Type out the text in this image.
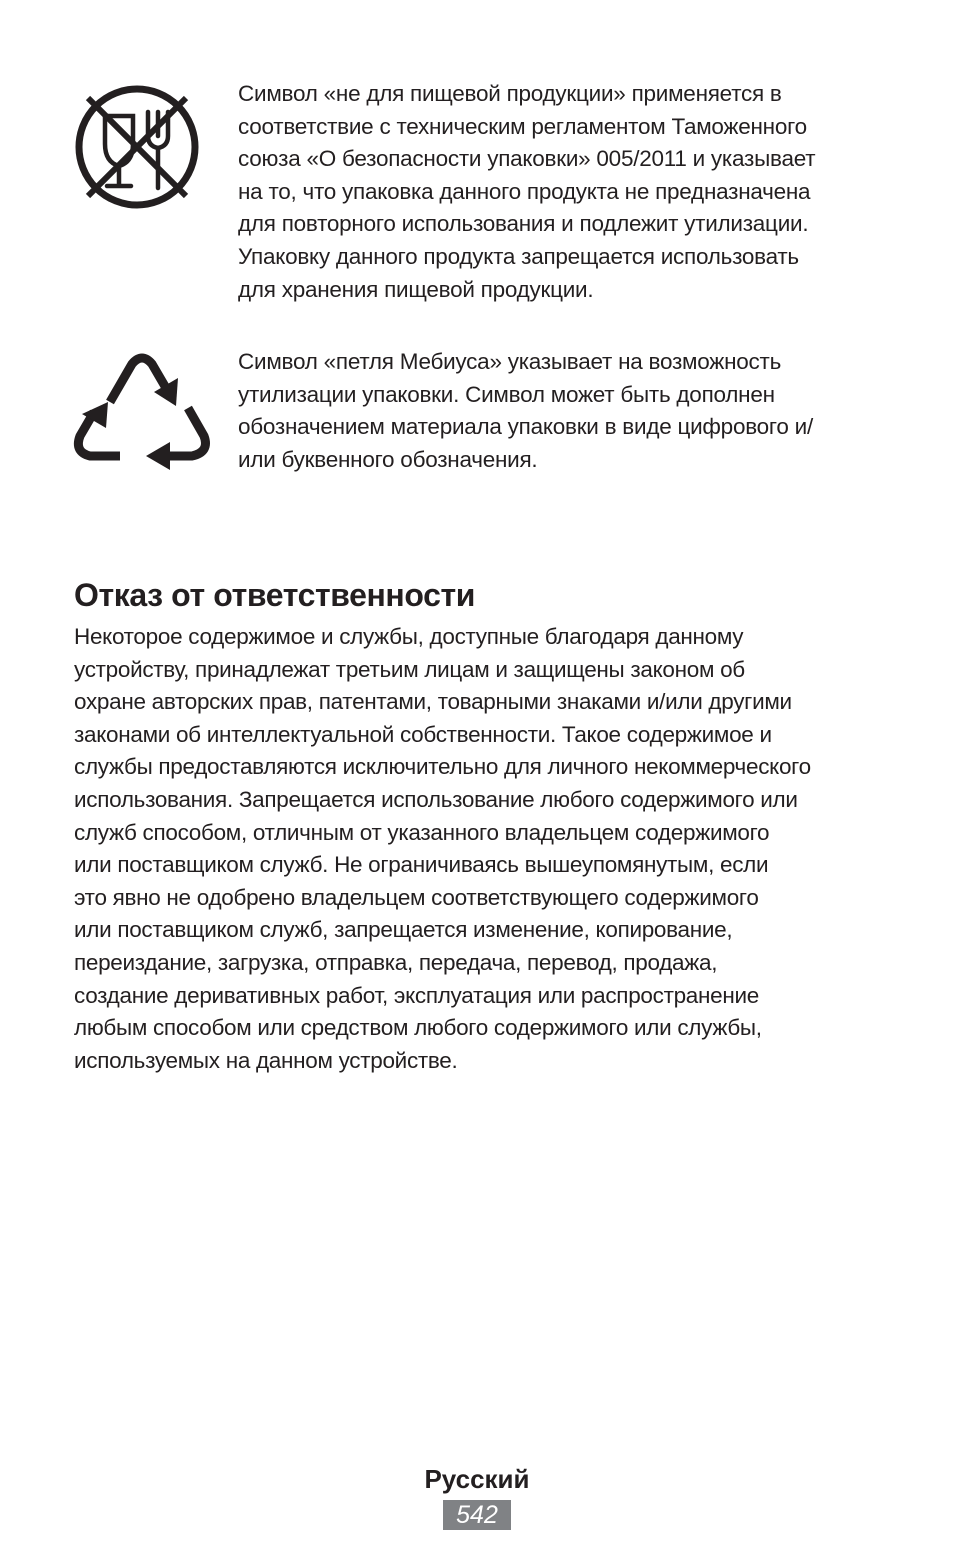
Символ «не для пищевой продукции» применяется в
соответствие с техническим регламентом Таможенного
союза «О безопасности упаковки» 005/2011 и указывает
на то, что упаковка данного продукта не предназначена
для повторного использования и подлежит утилизации.
Упаковку данного продукта запрещается использовать
для хранения пищевой продукции.

Символ «петля Мебиуса» указывает на возможность
утилизации упаковки. Символ может быть дополнен
обозначением материала упаковки в виде цифрового и/
или буквенного обозначения.

Отказ от ответственности

Некоторое содержимое и службы, доступные благодаря данному
устройству, принадлежат третьим лицам и защищены законом об
охране авторских прав, патентами, товарными знаками и/или другими
законами об интеллектуальной собственности. Такое содержимое и
службы предоставляются исключительно для личного некоммерческого
использования. Запрещается использование любого содержимого или
служб способом, отличным от указанного владельцем содержимого
или поставщиком служб. Не ограничиваясь вышеупомянутым, если
это явно не одобрено владельцем соответствующего содержимого
или поставщиком служб, запрещается изменение, копирование,
переиздание, загрузка, отправка, передача, перевод, продажа,
создание деривативных работ, эксплуатация или распространение
любым способом или средством любого содержимого или службы,
используемых на данном устройстве.

Русский
542
